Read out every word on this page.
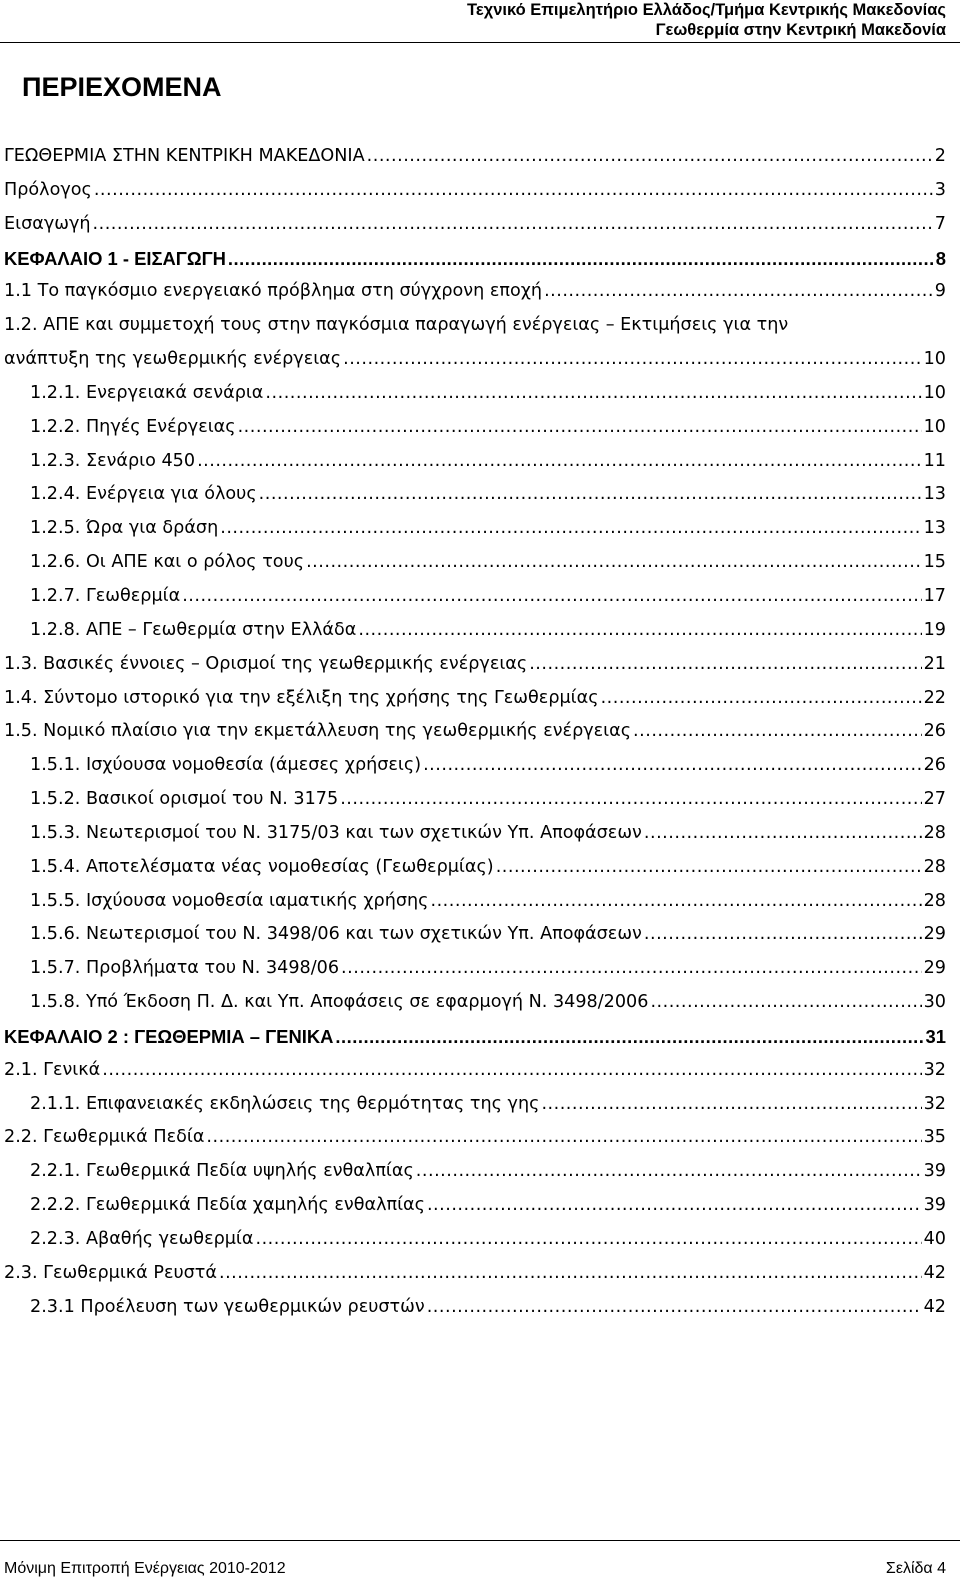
Τεχνικό Επιμελητήριο Ελλάδος/Τμήμα Κεντρικής Μακεδονίας
Γεωθερμία στην Κεντρική Μακεδονία
ΠΕΡΙΕΧΟΜΕΝΑ
ΓΕΩΘΕΡΜΙΑ ΣΤΗΝ ΚΕΝΤΡΙΚΗ ΜΑΚΕΔΟΝΙΑ .....	2
Πρόλογος .....	3
Εισαγωγή .....	7
ΚΕΦΑΛΑΙΟ 1 - ΕΙΣΑΓΩΓΗ .....	8
1.1 Το παγκόσμιο ενεργειακό πρόβλημα στη σύγχρονη εποχή .....	9
1.2. ΑΠΕ και συμμετοχή τους στην παγκόσμια παραγωγή ενέργειας – Εκτιμήσεις για την
ανάπτυξη της γεωθερμικής ενέργειας .....	10
1.2.1. Ενεργειακά σενάρια .....	10
1.2.2. Πηγές Ενέργειας .....	10
1.2.3. Σενάριο 450 .....	11
1.2.4. Ενέργεια για όλους .....	13
1.2.5. Ώρα για δράση .....	13
1.2.6. Οι ΑΠΕ και ο ρόλος τους .....	15
1.2.7. Γεωθερμία .....	17
1.2.8. ΑΠΕ – Γεωθερμία στην Ελλάδα .....	19
1.3. Βασικές έννοιες – Ορισμοί της γεωθερμικής ενέργειας .....	21
1.4. Σύντομο ιστορικό για την εξέλιξη της χρήσης της Γεωθερμίας .....	22
1.5. Νομικό πλαίσιο για την εκμετάλλευση της γεωθερμικής ενέργειας .....	26
1.5.1. Ισχύουσα νομοθεσία (άμεσες χρήσεις) .....	26
1.5.2. Βασικοί ορισμοί του Ν. 3175 .....	27
1.5.3. Νεωτερισμοί του Ν. 3175/03 και των σχετικών Υπ. Αποφάσεων .....	28
1.5.4. Αποτελέσματα νέας νομοθεσίας (Γεωθερμίας) .....	28
1.5.5. Ισχύουσα νομοθεσία ιαματικής χρήσης .....	28
1.5.6. Νεωτερισμοί του Ν. 3498/06 και των σχετικών Υπ. Αποφάσεων .....	29
1.5.7. Προβλήματα του Ν. 3498/06 .....	29
1.5.8. Υπό Έκδοση Π. Δ. και Υπ. Αποφάσεις σε εφαρμογή Ν. 3498/2006 .....	30
ΚΕΦΑΛΑΙΟ 2 : ΓΕΩΘΕΡΜΙΑ – ΓΕΝΙΚΑ .....	31
2.1. Γενικά .....	32
2.1.1. Επιφανειακές εκδηλώσεις της θερμότητας της γης .....	32
2.2. Γεωθερμικά Πεδία .....	35
2.2.1. Γεωθερμικά Πεδία υψηλής ενθαλπίας .....	39
2.2.2. Γεωθερμικά Πεδία χαμηλής ενθαλπίας .....	39
2.2.3. Αβαθής γεωθερμία .....	40
2.3. Γεωθερμικά Ρευστά .....	42
2.3.1 Προέλευση των γεωθερμικών ρευστών .....	42
Μόνιμη Επιτροπή Ενέργειας 2010-2012	Σελίδα 4
